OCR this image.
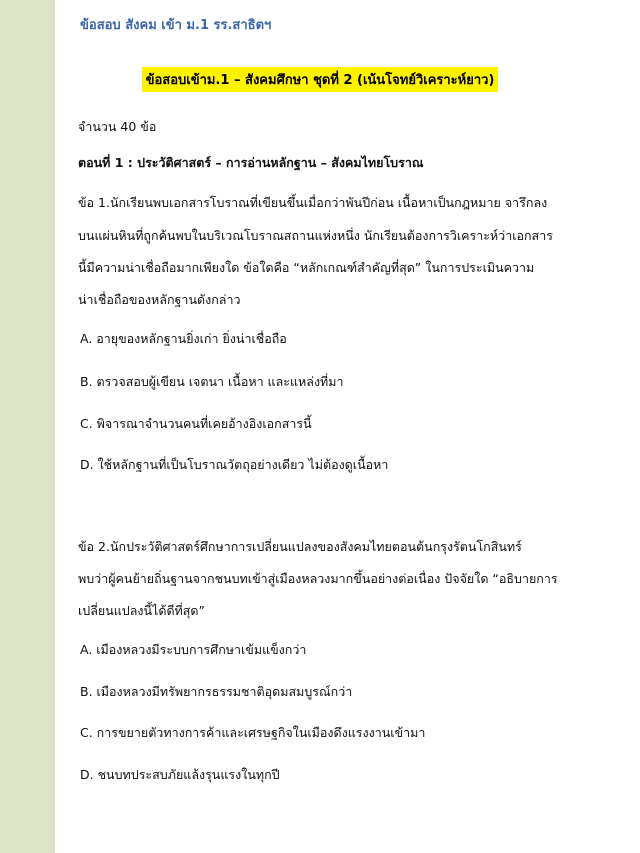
ข้อสอบ สังคม เข้า ม.1 รร.สาธิตฯ
ข้อสอบเข้าม.1 – สังคมศึกษา ชุดที่ 2 (เน้นโจทย์วิเคราะห์ยาว)
จำนวน 40 ข้อ
ตอนที่ 1 : ประวัติศาสตร์ – การอ่านหลักฐาน – สังคมไทยโบราณ
ข้อ 1.นักเรียนพบเอกสารโบราณที่เขียนขึ้นเมื่อกว่าพันปีก่อน เนื้อหาเป็นกฎหมาย จารึกลง
บนแผ่นหินที่ถูกค้นพบในบริเวณโบราณสถานแห่งหนึ่ง นักเรียนต้องการวิเคราะห์ว่าเอกสาร
นี้มีความน่าเชื่อถือมากเพียงใด ข้อใดคือ “หลักเกณฑ์สำคัญที่สุด” ในการประเมินความ
น่าเชื่อถือของหลักฐานดังกล่าว
A. อายุของหลักฐานยิ่งเก่า ยิ่งน่าเชื่อถือ
B. ตรวจสอบผู้เขียน เจตนา เนื้อหา และแหล่งที่มา
C. พิจารณาจำนวนคนที่เคยอ้างอิงเอกสารนี้
D. ใช้หลักฐานที่เป็นโบราณวัตถุอย่างเดียว ไม่ต้องดูเนื้อหา
ข้อ 2.นักประวัติศาสตร์ศึกษาการเปลี่ยนแปลงของสังคมไทยตอนต้นกรุงรัตนโกสินทร์
พบว่าผู้คนย้ายถิ่นฐานจากชนบทเข้าสู่เมืองหลวงมากขึ้นอย่างต่อเนื่อง ปัจจัยใด “อธิบายการ
เปลี่ยนแปลงนี้ได้ดีที่สุด”
A. เมืองหลวงมีระบบการศึกษาเข้มแข็งกว่า
B. เมืองหลวงมีทรัพยากรธรรมชาติอุดมสมบูรณ์กว่า
C. การขยายตัวทางการค้าและเศรษฐกิจในเมืองดึงแรงงานเข้ามา
D. ชนบทประสบภัยแล้งรุนแรงในทุกปี
